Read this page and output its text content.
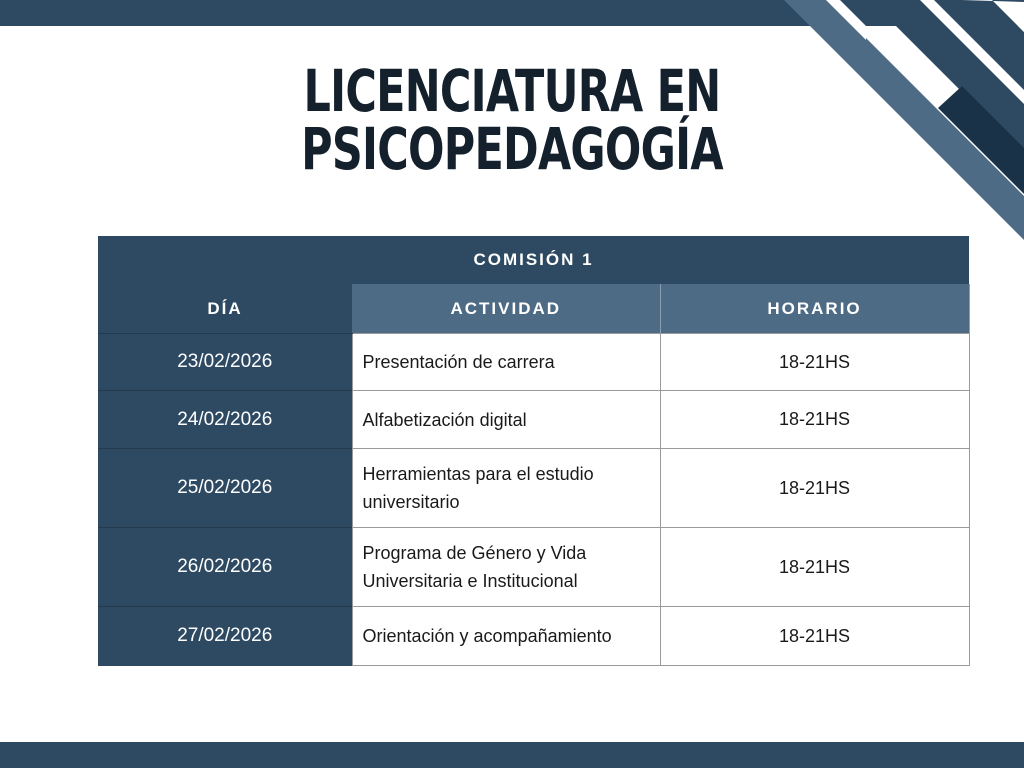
LICENCIATURA EN
PSICOPEDAGOGÍA
COMISIÓN 1		
DÍA	ACTIVIDAD	HORARIO
23/02/2026	Presentación de carrera	18-21HS
24/02/2026	Alfabetización digital	18-21HS
25/02/2026	Herramientas para el estudio universitario	18-21HS
26/02/2026	Programa de Género y Vida Universitaria e Institucional	18-21HS
27/02/2026	Orientación y acompañamiento	18-21HS
